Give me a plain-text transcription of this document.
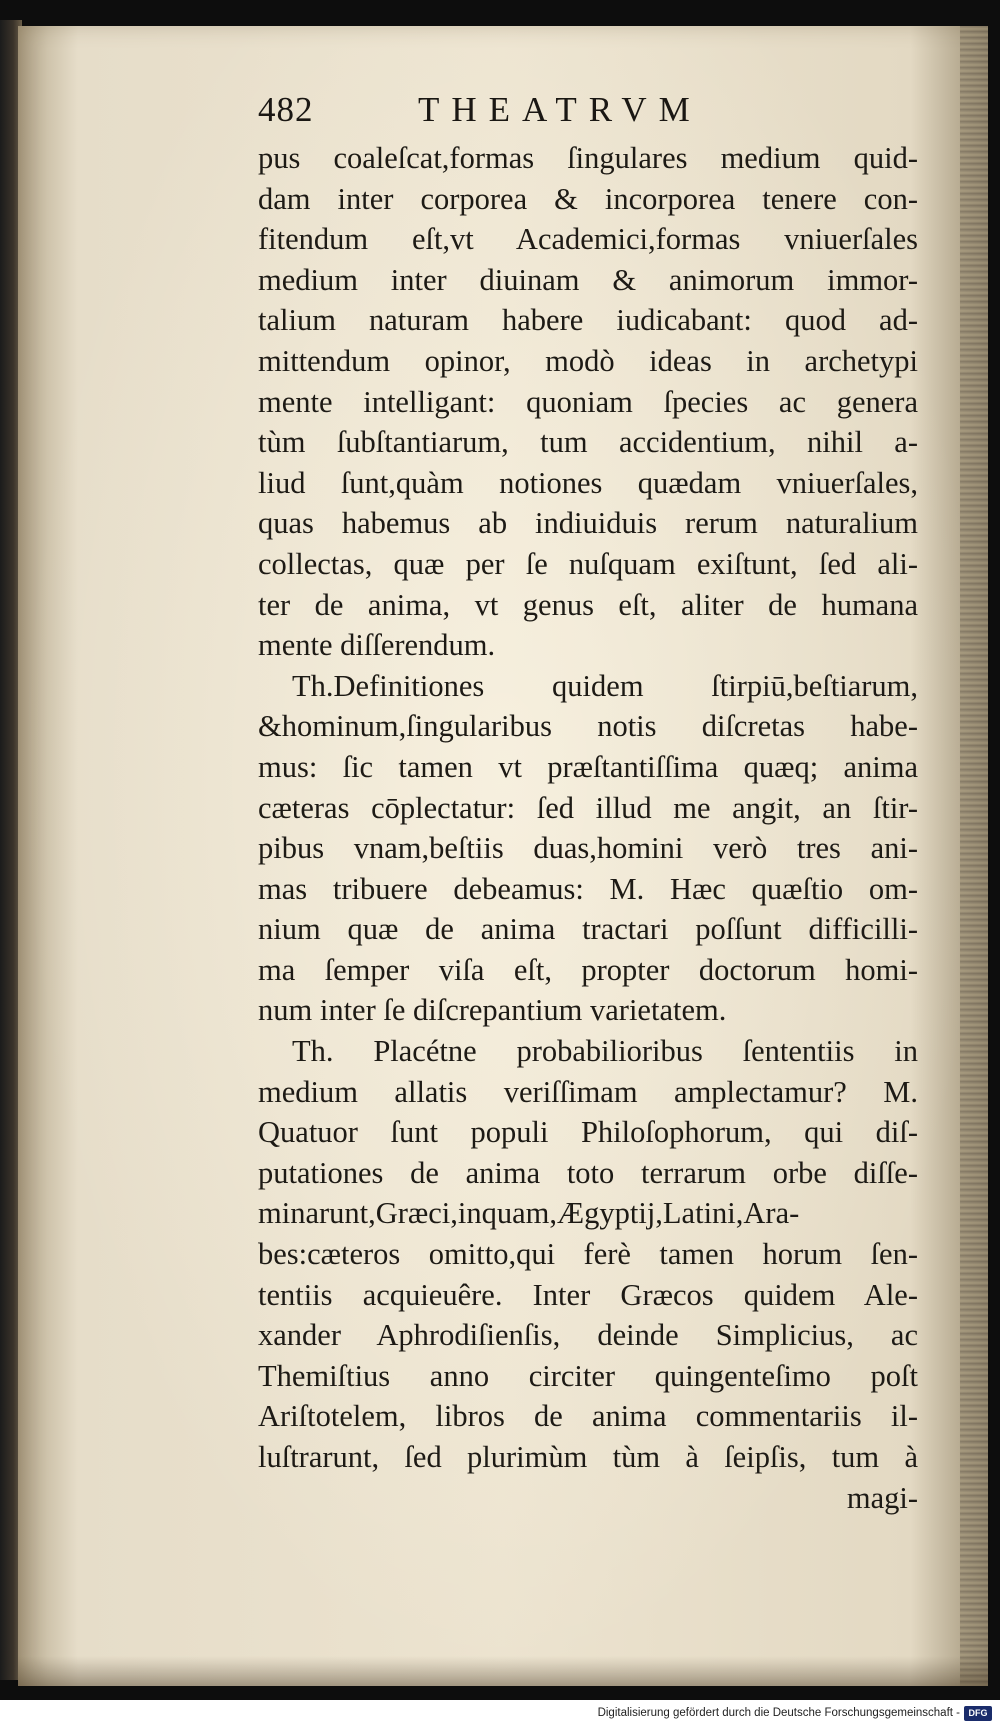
482	THEATRVM
pus coaleſcat,formas ſingulares medium quid-
dam inter corporea & incorporea tenere con-
fitendum eſt,vt Academici,formas vniuerſales
medium inter diuinam & animorum immor-
talium naturam habere iudicabant: quod ad-
mittendum opinor, modò ideas in archetypi
mente intelligant: quoniam ſpecies ac genera
tùm ſubſtantiarum, tum accidentium, nihil a-
liud ſunt,quàm notiones quædam vniuerſales,
quas habemus ab indiuiduis rerum naturalium
collectas, quæ per ſe nuſquam exiſtunt, ſed ali-
ter de anima, vt genus eſt, aliter de humana
mente diſſerendum.
Th.Definitiones quidem ſtirpiū,beſtiarum,
&hominum,ſingularibus notis diſcretas habe-
mus: ſic tamen vt præſtantiſſima quæq; anima
cæteras cōplectatur: ſed illud me angit, an ſtir-
pibus vnam,beſtiis duas,homini verò tres ani-
mas tribuere debeamus: M. Hæc quæſtio om-
nium quæ de anima tractari poſſunt difficilli-
ma ſemper viſa eſt, propter doctorum homi-
num inter ſe diſcrepantium varietatem.
Th. Placétne probabilioribus ſententiis in
medium allatis veriſſimam amplectamur? M.
Quatuor ſunt populi Philoſophorum, qui diſ-
putationes de anima toto terrarum orbe diſſe-
minarunt,Græci,inquam,Ægyptij,Latini,Ara-
bes:cæteros omitto,qui ferè tamen horum ſen-
tentiis acquieuêre. Inter Græcos quidem Ale-
xander Aphrodiſienſis, deinde Simplicius, ac
Themiſtius anno circiter quingenteſimo poſt
Ariſtotelem, libros de anima commentariis il-
luſtrarunt, ſed plurimùm tùm à ſeipſis, tum à
magi-
Digitalisierung gefördert durch die Deutsche Forschungsgemeinschaft - DFG
